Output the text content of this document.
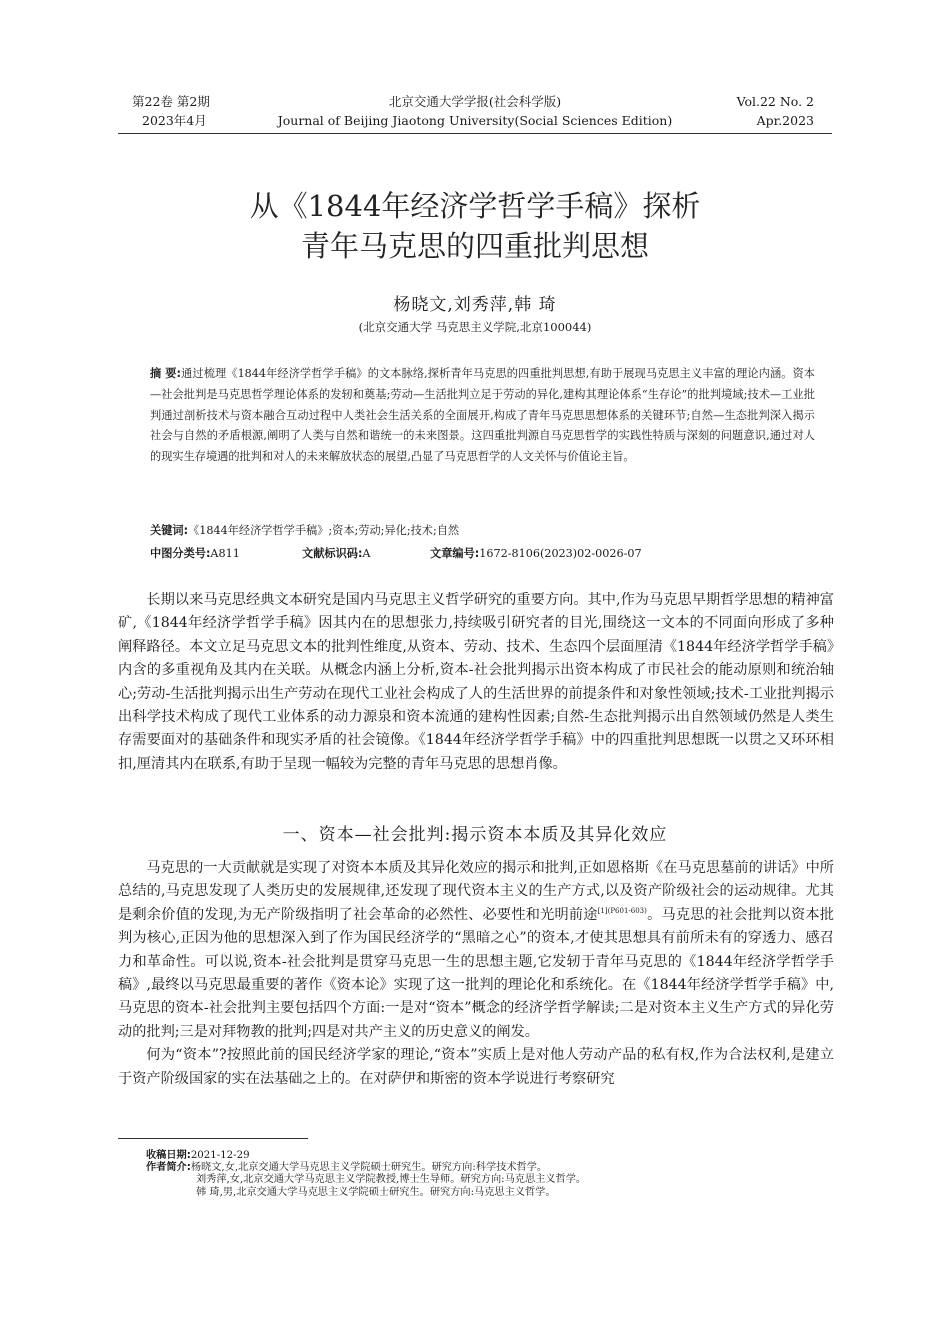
第22卷 第2期
2023年4月
北京交通大学学报(社会科学版)
Journal of Beijing Jiaotong University(Social Sciences Edition)
Vol.22 No. 2
Apr.2023
从《1844年经济学哲学手稿》探析
青年马克思的四重批判思想
杨晓文,刘秀萍,韩 琦
(北京交通大学 马克思主义学院,北京100044)
摘 要:通过梳理《1844年经济学哲学手稿》的文本脉络,探析青年马克思的四重批判思想,有助于展现马克思主义丰富的理论内涵。资本—社会批判是马克思哲学理论体系的发轫和奠基;劳动—生活批判立足于劳动的异化,建构其理论体系“生存论”的批判境域;技术—工业批判通过剖析技术与资本融合互动过程中人类社会生活关系的全面展开,构成了青年马克思思想体系的关键环节;自然—生态批判深入揭示社会与自然的矛盾根源,阐明了人类与自然和谐统一的未来图景。这四重批判源自马克思哲学的实践性特质与深刻的问题意识,通过对人的现实生存境遇的批判和对人的未来解放状态的展望,凸显了马克思哲学的人文关怀与价值论主旨。
关键词:《1844年经济学哲学手稿》;资本;劳动;异化;技术;自然
中图分类号:A811	文献标识码:A	文章编号:1672-8106(2023)02-0026-07

长期以来马克思经典文本研究是国内马克思主义哲学研究的重要方向。其中,作为马克思早期哲学思想的精神富矿,《1844年经济学哲学手稿》因其内在的思想张力,持续吸引研究者的目光,围绕这一文本的不同面向形成了多种阐释路径。本文立足马克思文本的批判性维度,从资本、劳动、技术、生态四个层面厘清《1844年经济学哲学手稿》内含的多重视角及其内在关联。从概念内涵上分析,资本-社会批判揭示出资本构成了市民社会的能动原则和统治轴心;劳动-生活批判揭示出生产劳动在现代工业社会构成了人的生活世界的前提条件和对象性领域;技术-工业批判揭示出科学技术构成了现代工业体系的动力源泉和资本流通的建构性因素;自然-生态批判揭示出自然领域仍然是人类生存需要面对的基础条件和现实矛盾的社会镜像。《1844年经济学哲学手稿》中的四重批判思想既一以贯之又环环相扣,厘清其内在联系,有助于呈现一幅较为完整的青年马克思的思想肖像。

一、资本—社会批判:揭示资本本质及其异化效应

马克思的一大贡献就是实现了对资本本质及其异化效应的揭示和批判,正如恩格斯《在马克思墓前的讲话》中所总结的,马克思发现了人类历史的发展规律,还发现了现代资本主义的生产方式,以及资产阶级社会的运动规律。尤其是剩余价值的发现,为无产阶级指明了社会革命的必然性、必要性和光明前途$^{[1](P601-603)}$。马克思的社会批判以资本批判为核心,正因为他的思想深入到了作为国民经济学的“黑暗之心”的资本,才使其思想具有前所未有的穿透力、感召力和革命性。可以说,资本-社会批判是贯穿马克思一生的思想主题,它发轫于青年马克思的《1844年经济学哲学手稿》,最终以马克思最重要的著作《资本论》实现了这一批判的理论化和系统化。在《1844年经济学哲学手稿》中,马克思的资本-社会批判主要包括四个方面:一是对“资本”概念的经济学哲学解读;二是对资本主义生产方式的异化劳动的批判;三是对拜物教的批判;四是对共产主义的历史意义的阐发。

何为“资本”?按照此前的国民经济学家的理论,“资本”实质上是对他人劳动产品的私有权,作为合法权利,是建立于资产阶级国家的实在法基础之上的。在对萨伊和斯密的资本学说进行考察研究

收稿日期:2021-12-29
作者简介:杨晓文,女,北京交通大学马克思主义学院硕士研究生。研究方向:科学技术哲学。
刘秀萍,女,北京交通大学马克思主义学院教授,博士生导师。研究方向:马克思主义哲学。
韩 琦,男,北京交通大学马克思主义学院硕士研究生。研究方向:马克思主义哲学。
